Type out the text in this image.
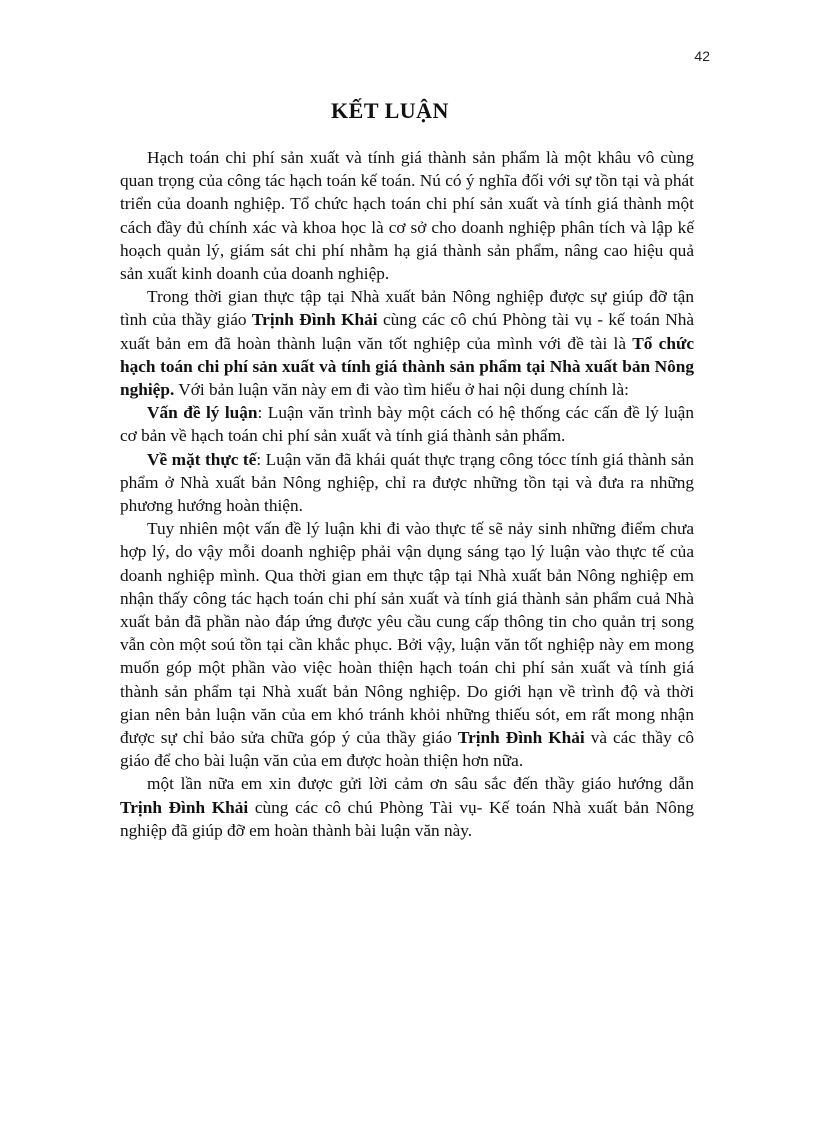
42
KẾT LUẬN

Hạch toán chi phí sản xuất và tính giá thành sản phẩm là một khâu vô cùng quan trọng của công tác hạch toán kế toán. Nú có ý nghĩa đối với sự tồn tại và phát triển của doanh nghiệp. Tổ chức hạch toán chi phí sản xuất và tính giá thành một cách đầy đủ chính xác và khoa học là cơ sở cho doanh nghiệp phân tích và lập kế hoạch quản lý, giám sát chi phí nhằm hạ giá thành sản phẩm, nâng cao hiệu quả sản xuất kinh doanh của doanh nghiệp.

Trong thời gian thực tập tại Nhà xuất bản Nông nghiệp được sự giúp đỡ tận tình của thầy giáo Trịnh Đình Khải cùng các cô chú Phòng tài vụ - kế toán Nhà xuất bản em đã hoàn thành luận văn tốt nghiệp của mình với đề tài là Tổ chức hạch toán chi phí sản xuất và tính giá thành sản phẩm tại Nhà xuất bản Nông nghiệp. Với bản luận văn này em đi vào tìm hiểu ở hai nội dung chính là:

Vấn đề lý luận: Luận văn trình bày một cách có hệ thống các cấn đề lý luận cơ bản về hạch toán chi phí sản xuất và tính giá thành sản phẩm.

Về mặt thực tế: Luận văn đã khái quát thực trạng công tócc tính giá thành sản phẩm ở Nhà xuất bản Nông nghiệp, chỉ ra được những tồn tại và đưa ra những phương hướng hoàn thiện.

Tuy nhiên một vấn đề lý luận khi đi vào thực tế sẽ nảy sinh những điểm chưa hợp lý, do vậy mỗi doanh nghiệp phải vận dụng sáng tạo lý luận vào thực tế của doanh nghiệp mình. Qua thời gian em thực tập tại Nhà xuất bản Nông nghiệp em nhận thấy công tác hạch toán chi phí sản xuất và tính giá thành sản phẩm cuả Nhà xuất bản đã phần nào đáp ứng được yêu cầu cung cấp thông tin cho quản trị song vẫn còn một soú tồn tại cần khắc phục. Bởi vậy, luận văn tốt nghiệp này em mong muốn góp một phần vào việc hoàn thiện hạch toán chi phí sản xuất và tính giá thành sản phẩm tại Nhà xuất bản Nông nghiệp. Do giới hạn về trình độ và thời gian nên bản luận văn của em khó tránh khỏi những thiếu sót, em rất mong nhận được sự chỉ bảo sửa chữa góp ý của thầy giáo Trịnh Đình Khải và các thầy cô giáo để cho bài luận văn của em được hoàn thiện hơn nữa.

một lần nữa em xin được gửi lời cảm ơn sâu sắc đến thầy giáo hướng dẫn Trịnh Đình Khải cùng các cô chú Phòng Tài vụ- Kế toán Nhà xuất bản Nông nghiệp đã giúp đỡ em hoàn thành bài luận văn này.
